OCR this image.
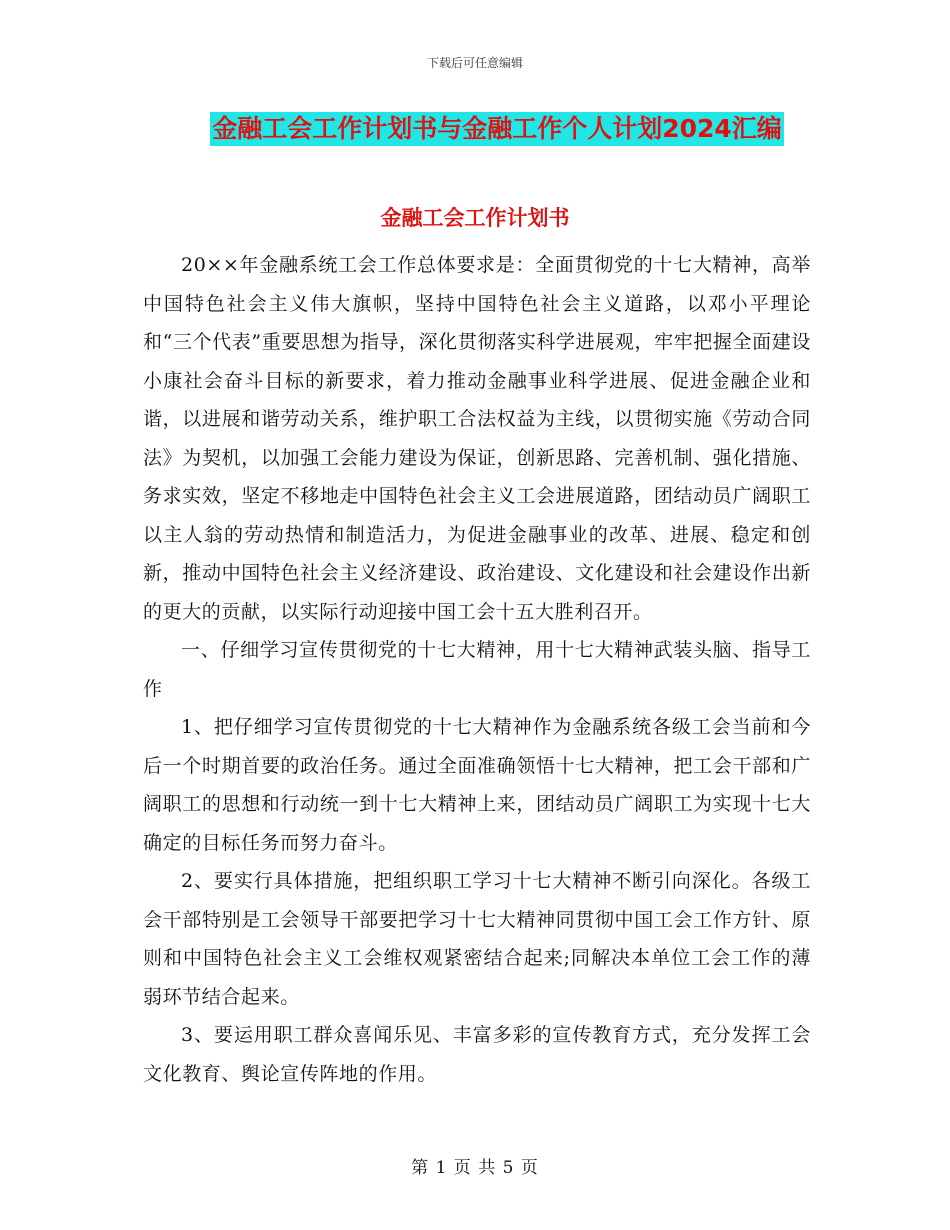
下载后可任意编辑
金融工会工作计划书与金融工作个人计划2024汇编
金融工会工作计划书

20××年金融系统工会工作总体要求是：全面贯彻党的十七大精神，高举中国特色社会主义伟大旗帜，坚持中国特色社会主义道路，以邓小平理论和“三个代表”重要思想为指导，深化贯彻落实科学进展观，牢牢把握全面建设小康社会奋斗目标的新要求，着力推动金融事业科学进展、促进金融企业和谐，以进展和谐劳动关系，维护职工合法权益为主线，以贯彻实施《劳动合同法》为契机，以加强工会能力建设为保证，创新思路、完善机制、强化措施、务求实效，坚定不移地走中国特色社会主义工会进展道路，团结动员广阔职工以主人翁的劳动热情和制造活力，为促进金融事业的改革、进展、稳定和创新，推动中国特色社会主义经济建设、政治建设、文化建设和社会建设作出新的更大的贡献，以实际行动迎接中国工会十五大胜利召开。

一、仔细学习宣传贯彻党的十七大精神，用十七大精神武装头脑、指导工作

1、把仔细学习宣传贯彻党的十七大精神作为金融系统各级工会当前和今后一个时期首要的政治任务。通过全面准确领悟十七大精神，把工会干部和广阔职工的思想和行动统一到十七大精神上来，团结动员广阔职工为实现十七大确定的目标任务而努力奋斗。

2、要实行具体措施，把组织职工学习十七大精神不断引向深化。各级工会干部特别是工会领导干部要把学习十七大精神同贯彻中国工会工作方针、原则和中国特色社会主义工会维权观紧密结合起来;同解决本单位工会工作的薄弱环节结合起来。

3、要运用职工群众喜闻乐见、丰富多彩的宣传教育方式，充分发挥工会文化教育、舆论宣传阵地的作用。

第 1 页 共 5 页
